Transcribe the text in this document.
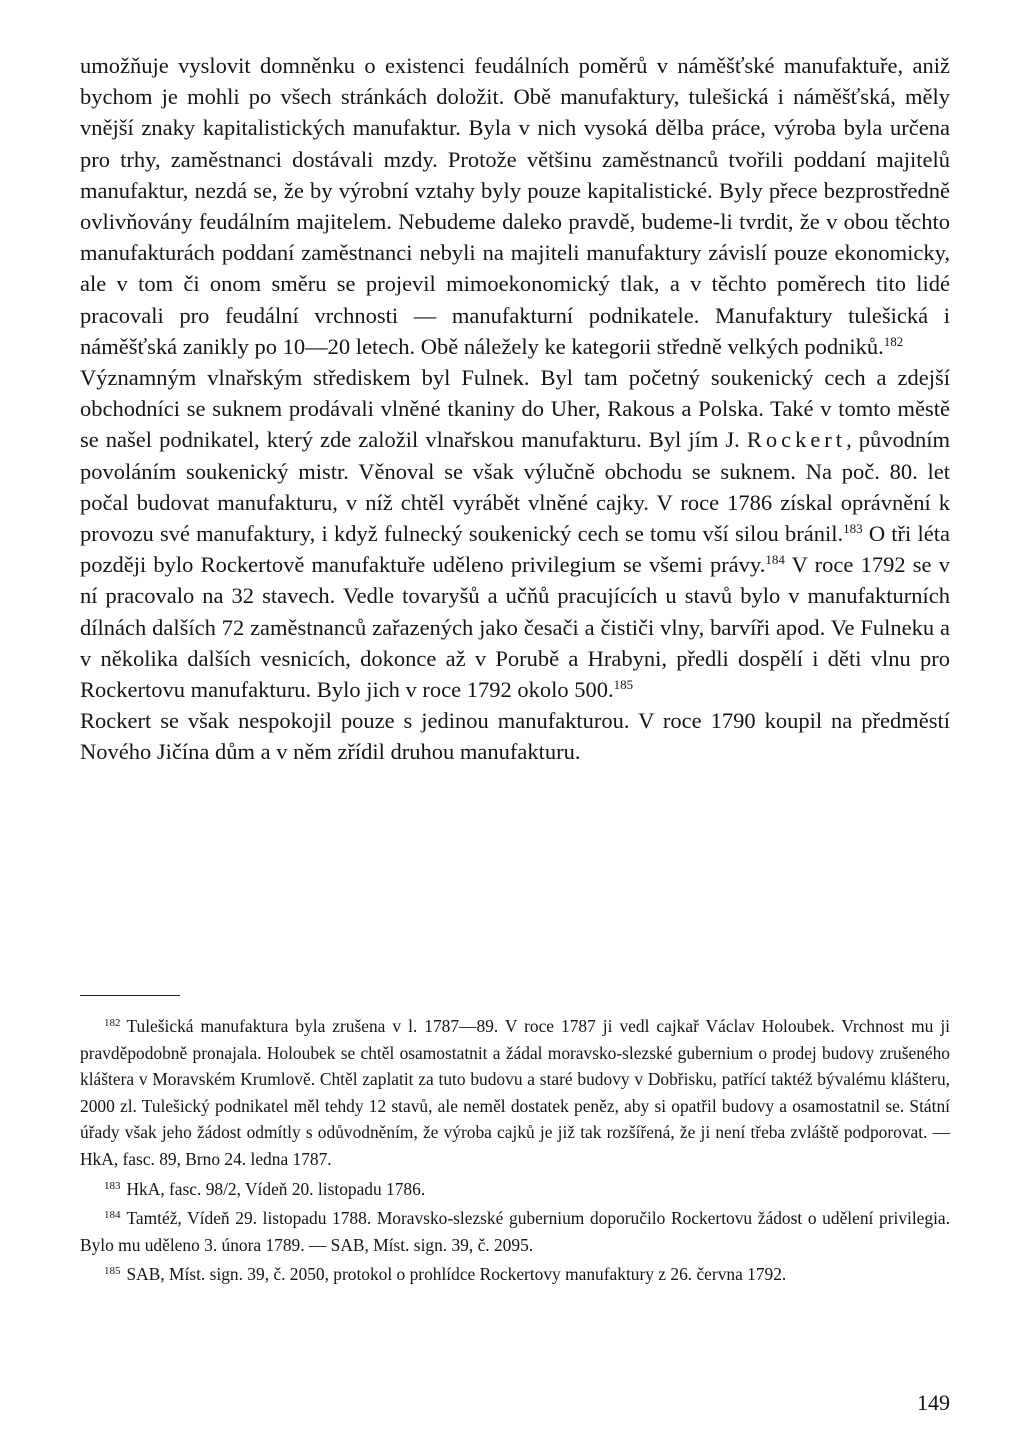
umožňuje vyslovit domněnku o existenci feudálních poměrů v náměšťské manufaktuře, aniž bychom je mohli po všech stránkách doložit. Obě manufaktury, tulešická i náměšťská, měly vnější znaky kapitalistických manufaktur. Byla v nich vysoká dělba práce, výroba byla určena pro trhy, zaměstnanci dostávali mzdy. Protože většinu zaměstnanců tvořili poddaní majitelů manufaktur, nezdá se, že by výrobní vztahy byly pouze kapitalistické. Byly přece bezprostředně ovlivňovány feudálním majitelem. Nebudeme daleko pravdě, budeme-li tvrdit, že v obou těchto manufakturách poddaní zaměstnanci nebyli na majiteli manufaktury závislí pouze ekonomicky, ale v tom či onom směru se projevil mimoekonomický tlak, a v těchto poměrech tito lidé pracovali pro feudální vrchnosti — manufakturní podnikatele. Manufaktury tulešická i náměšťská zanikly po 10—20 letech. Obě náležely ke kategorii středně velkých podniků.$^{182}$

Významným vlnařským střediskem byl Fulnek. Byl tam početný soukenický cech a zdejší obchodníci se suknem prodávali vlněné tkaniny do Uher, Rakous a Polska. Také v tomto městě se našel podnikatel, který zde založil vlnařskou manufakturu. Byl jím J. Rockert, původním povoláním soukenický mistr. Věnoval se však výlučně obchodu se suknem. Na poč. 80. let počal budovat manufakturu, v níž chtěl vyrábět vlněné cajky. V roce 1786 získal oprávnění k provozu své manufaktury, i když fulnecký soukenický cech se tomu vší silou bránil.$^{183}$ O tři léta později bylo Rockertově manufaktuře uděleno privilegium se všemi právy.$^{184}$ V roce 1792 se v ní pracovalo na 32 stavech. Vedle tovaryšů a učňů pracujících u stavů bylo v manufakturních dílnách dalších 72 zaměstnanců zařazených jako česači a čističi vlny, barvíři apod. Ve Fulneku a v několika dalších vesnicích, dokonce až v Porubě a Hrabyni, předli dospělí i děti vlnu pro Rockertovu manufakturu. Bylo jich v roce 1792 okolo 500.$^{185}$

Rockert se však nespokojil pouze s jedinou manufakturou. V roce 1790 koupil na předměstí Nového Jičína dům a v něm zřídil druhou manufakturu.

$^{182}$ Tulešická manufaktura byla zrušena v l. 1787—89. V roce 1787 ji vedl cajkař Václav Holoubek. Vrchnost mu ji pravděpodobně pronajala. Holoubek se chtěl osamostatnit a žádal moravsko-slezské gubernium o prodej budovy zrušeného kláštera v Moravském Krumlově. Chtěl zaplatit za tuto budovu a staré budovy v Dobřisku, patřící taktéž bývalému klášteru, 2000 zl. Tulešický podnikatel měl tehdy 12 stavů, ale neměl dostatek peněz, aby si opatřil budovy a osamostatnil se. Státní úřady však jeho žádost odmítly s odůvodněním, že výroba cajků je již tak rozšířená, že ji není třeba zvláště podporovat. — HkA, fasc. 89, Brno 24. ledna 1787.

$^{183}$ HkA, fasc. 98/2, Vídeň 20. listopadu 1786.

$^{184}$ Tamtéž, Vídeň 29. listopadu 1788. Moravsko-slezské gubernium doporučilo Rockertovu žádost o udělení privilegia. Bylo mu uděleno 3. února 1789. — SAB, Míst. sign. 39, č. 2095.

$^{185}$ SAB, Míst. sign. 39, č. 2050, protokol o prohlídce Rockertovy manufaktury z 26. června 1792.

149
